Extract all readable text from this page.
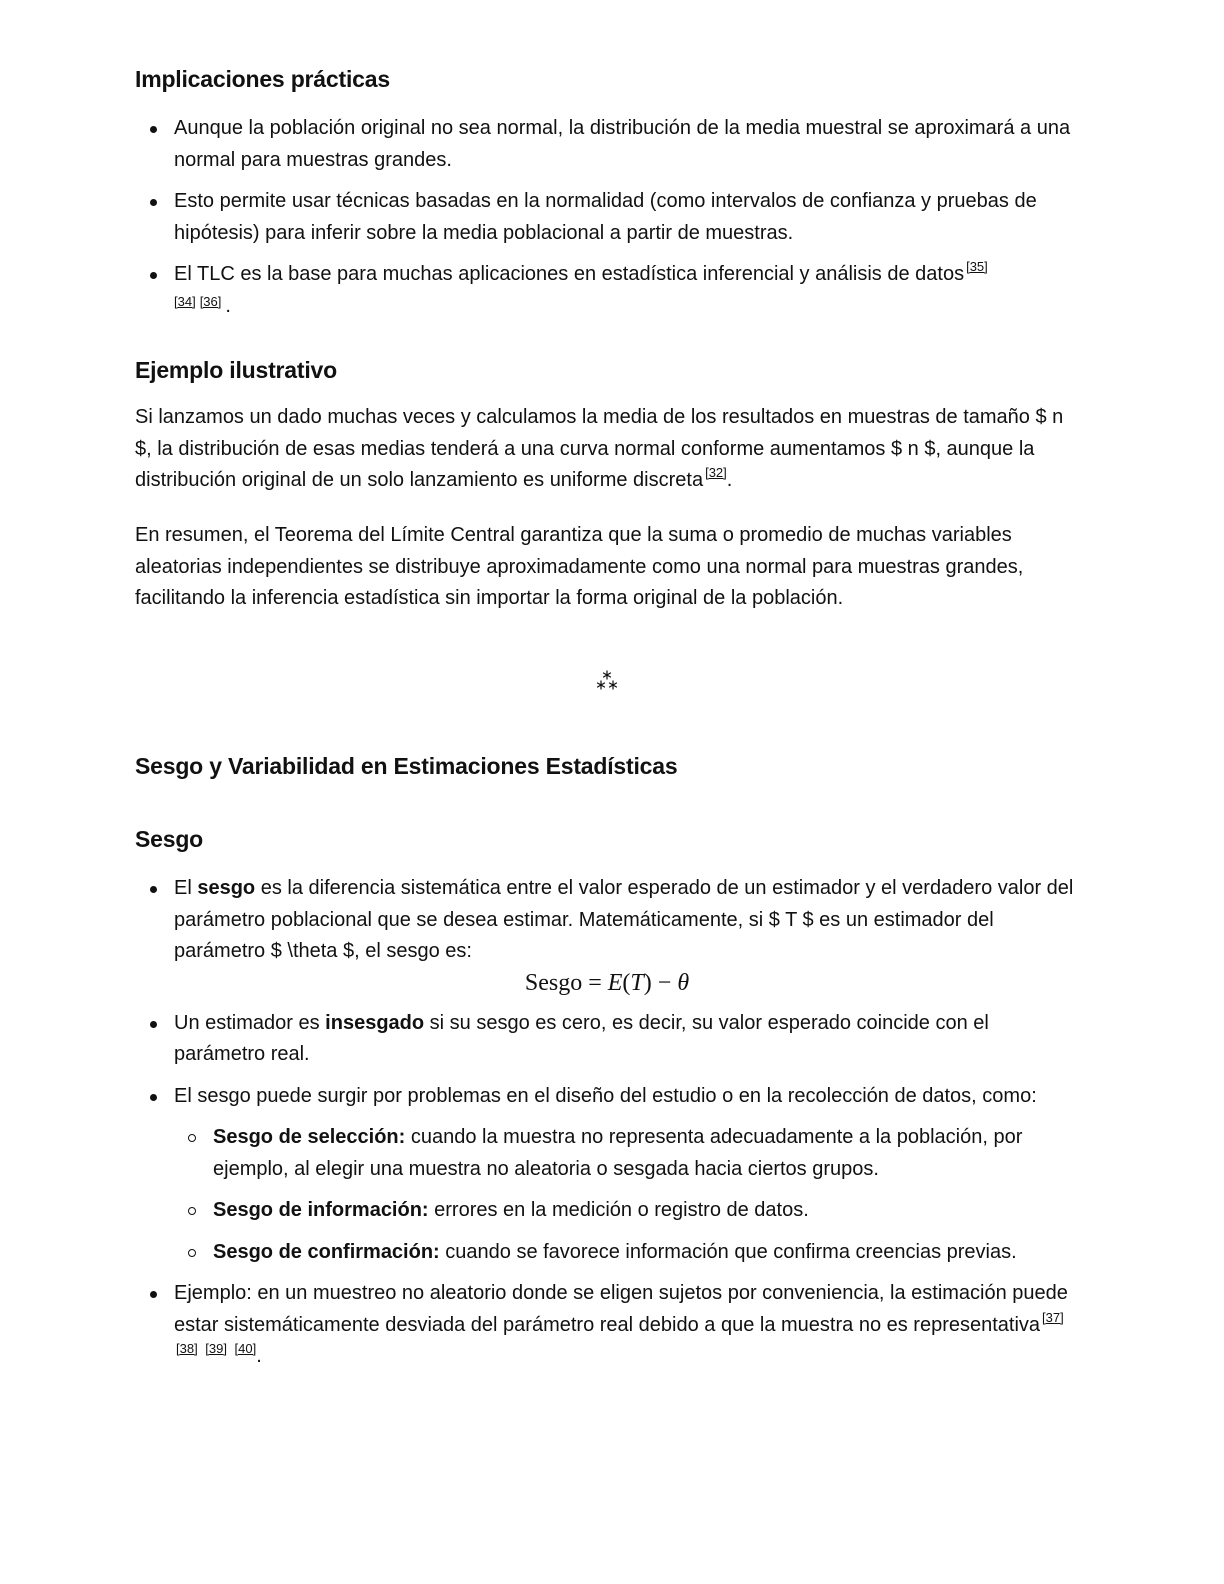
Implicaciones prácticas
Aunque la población original no sea normal, la distribución de la media muestral se aproximará a una normal para muestras grandes.
Esto permite usar técnicas basadas en la normalidad (como intervalos de confianza y pruebas de hipótesis) para inferir sobre la media poblacional a partir de muestras.
El TLC es la base para muchas aplicaciones en estadística inferencial y análisis de datos [35]
[34] [36] .
Ejemplo ilustrativo

Si lanzamos un dado muchas veces y calculamos la media de los resultados en muestras de tamaño $ n $, la distribución de esas medias tenderá a una curva normal conforme aumentamos $ n $, aunque la distribución original de un solo lanzamiento es uniforme discreta [32].

En resumen, el Teorema del Límite Central garantiza que la suma o promedio de muchas variables aleatorias independientes se distribuye aproximadamente como una normal para muestras grandes, facilitando la inferencia estadística sin importar la forma original de la población.

Sesgo y Variabilidad en Estimaciones Estadísticas
Sesgo
El sesgo es la diferencia sistemática entre el valor esperado de un estimador y el verdadero valor del parámetro poblacional que se desea estimar. Matemáticamente, si $ T $ es un estimador del parámetro $ \theta $, el sesgo es:
Sesgo = E(T) − θ
Un estimador es insesgado si su sesgo es cero, es decir, su valor esperado coincide con el parámetro real.
El sesgo puede surgir por problemas en el diseño del estudio o en la recolección de datos, como:
Sesgo de selección: cuando la muestra no representa adecuadamente a la población, por ejemplo, al elegir una muestra no aleatoria o sesgada hacia ciertos grupos.
Sesgo de información: errores en la medición o registro de datos.
Sesgo de confirmación: cuando se favorece información que confirma creencias previas.
Ejemplo: en un muestreo no aleatorio donde se eligen sujetos por conveniencia, la estimación puede estar sistemáticamente desviada del parámetro real debido a que la muestra no es representativa [37] [38] [39] [40].
